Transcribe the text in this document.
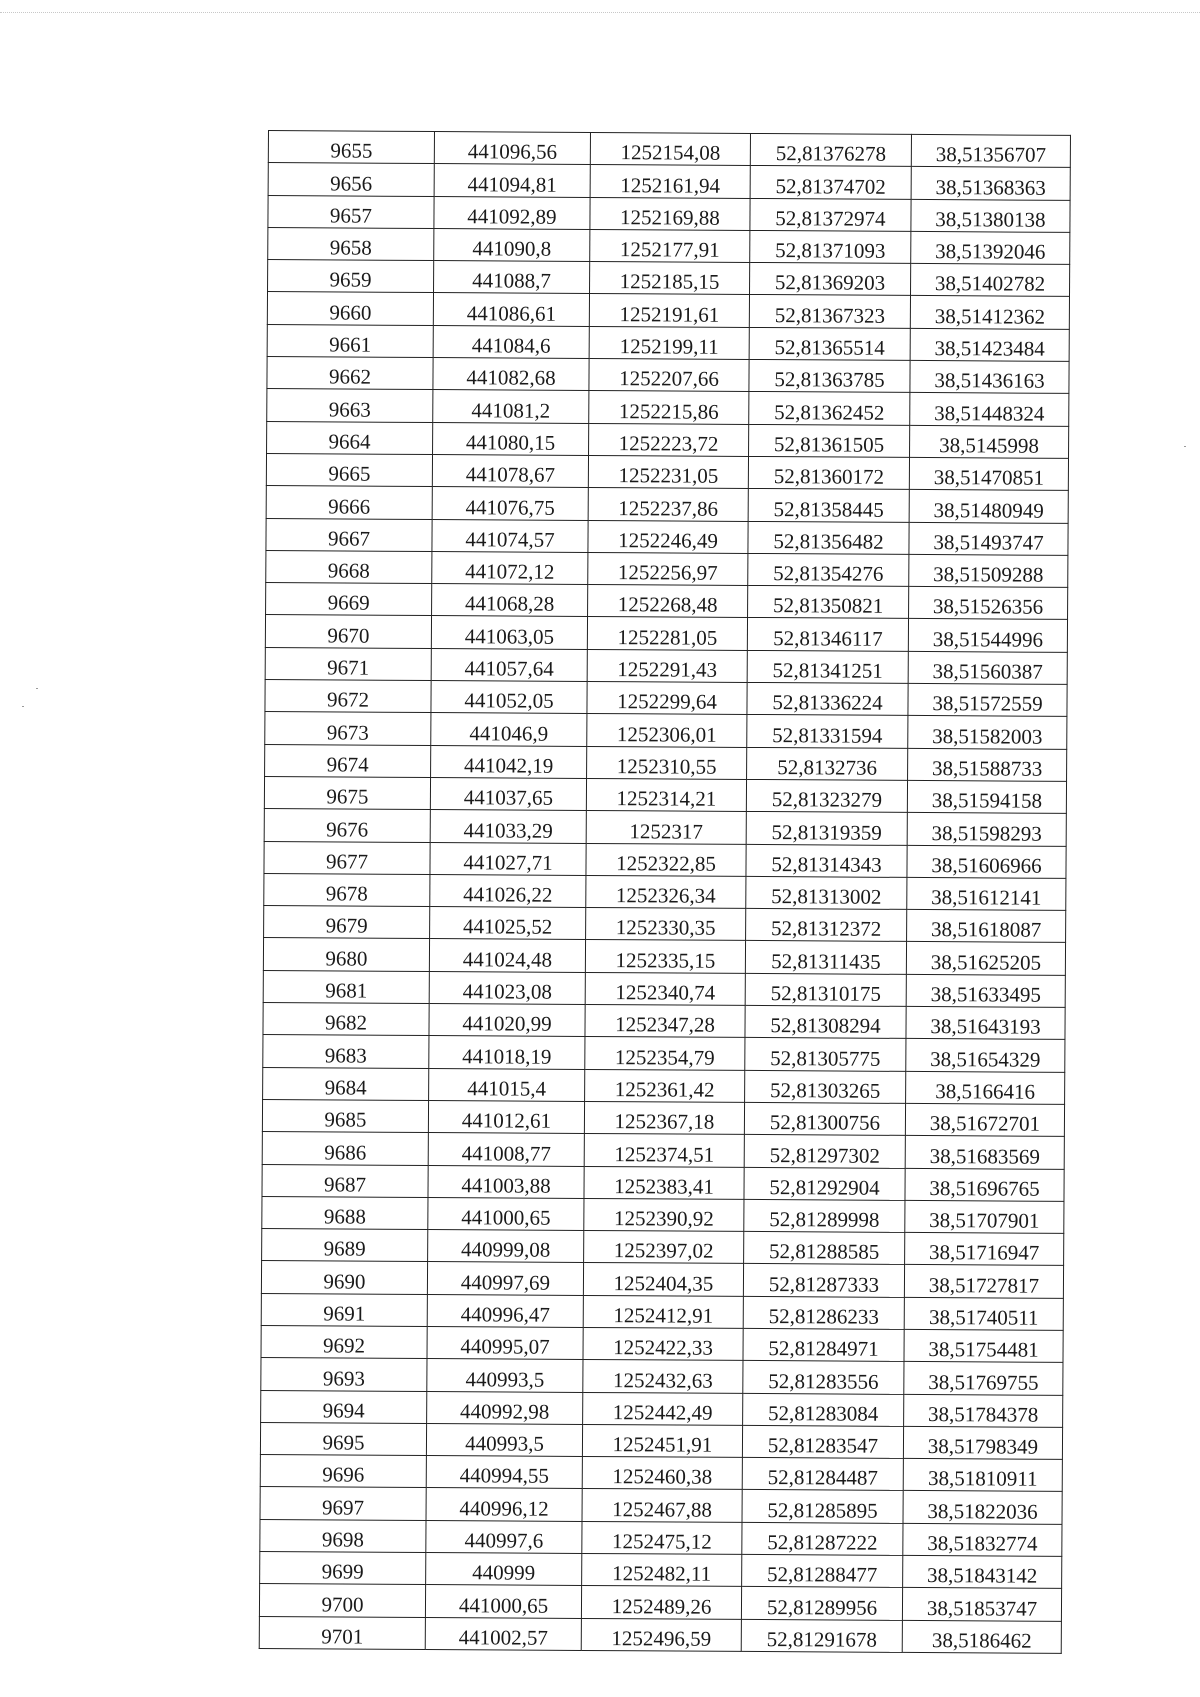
9655	441096,56	1252154,08	52,81376278	38,51356707
9656	441094,81	1252161,94	52,81374702	38,51368363
9657	441092,89	1252169,88	52,81372974	38,51380138
9658	441090,8	1252177,91	52,81371093	38,51392046
9659	441088,7	1252185,15	52,81369203	38,51402782
9660	441086,61	1252191,61	52,81367323	38,51412362
9661	441084,6	1252199,11	52,81365514	38,51423484
9662	441082,68	1252207,66	52,81363785	38,51436163
9663	441081,2	1252215,86	52,81362452	38,51448324
9664	441080,15	1252223,72	52,81361505	38,5145998
9665	441078,67	1252231,05	52,81360172	38,51470851
9666	441076,75	1252237,86	52,81358445	38,51480949
9667	441074,57	1252246,49	52,81356482	38,51493747
9668	441072,12	1252256,97	52,81354276	38,51509288
9669	441068,28	1252268,48	52,81350821	38,51526356
9670	441063,05	1252281,05	52,81346117	38,51544996
9671	441057,64	1252291,43	52,81341251	38,51560387
9672	441052,05	1252299,64	52,81336224	38,51572559
9673	441046,9	1252306,01	52,81331594	38,51582003
9674	441042,19	1252310,55	52,8132736	38,51588733
9675	441037,65	1252314,21	52,81323279	38,51594158
9676	441033,29	1252317	52,81319359	38,51598293
9677	441027,71	1252322,85	52,81314343	38,51606966
9678	441026,22	1252326,34	52,81313002	38,51612141
9679	441025,52	1252330,35	52,81312372	38,51618087
9680	441024,48	1252335,15	52,81311435	38,51625205
9681	441023,08	1252340,74	52,81310175	38,51633495
9682	441020,99	1252347,28	52,81308294	38,51643193
9683	441018,19	1252354,79	52,81305775	38,51654329
9684	441015,4	1252361,42	52,81303265	38,5166416
9685	441012,61	1252367,18	52,81300756	38,51672701
9686	441008,77	1252374,51	52,81297302	38,51683569
9687	441003,88	1252383,41	52,81292904	38,51696765
9688	441000,65	1252390,92	52,81289998	38,51707901
9689	440999,08	1252397,02	52,81288585	38,51716947
9690	440997,69	1252404,35	52,81287333	38,51727817
9691	440996,47	1252412,91	52,81286233	38,51740511
9692	440995,07	1252422,33	52,81284971	38,51754481
9693	440993,5	1252432,63	52,81283556	38,51769755
9694	440992,98	1252442,49	52,81283084	38,51784378
9695	440993,5	1252451,91	52,81283547	38,51798349
9696	440994,55	1252460,38	52,81284487	38,51810911
9697	440996,12	1252467,88	52,81285895	38,51822036
9698	440997,6	1252475,12	52,81287222	38,51832774
9699	440999	1252482,11	52,81288477	38,51843142
9700	441000,65	1252489,26	52,81289956	38,51853747
9701	441002,57	1252496,59	52,81291678	38,5186462
